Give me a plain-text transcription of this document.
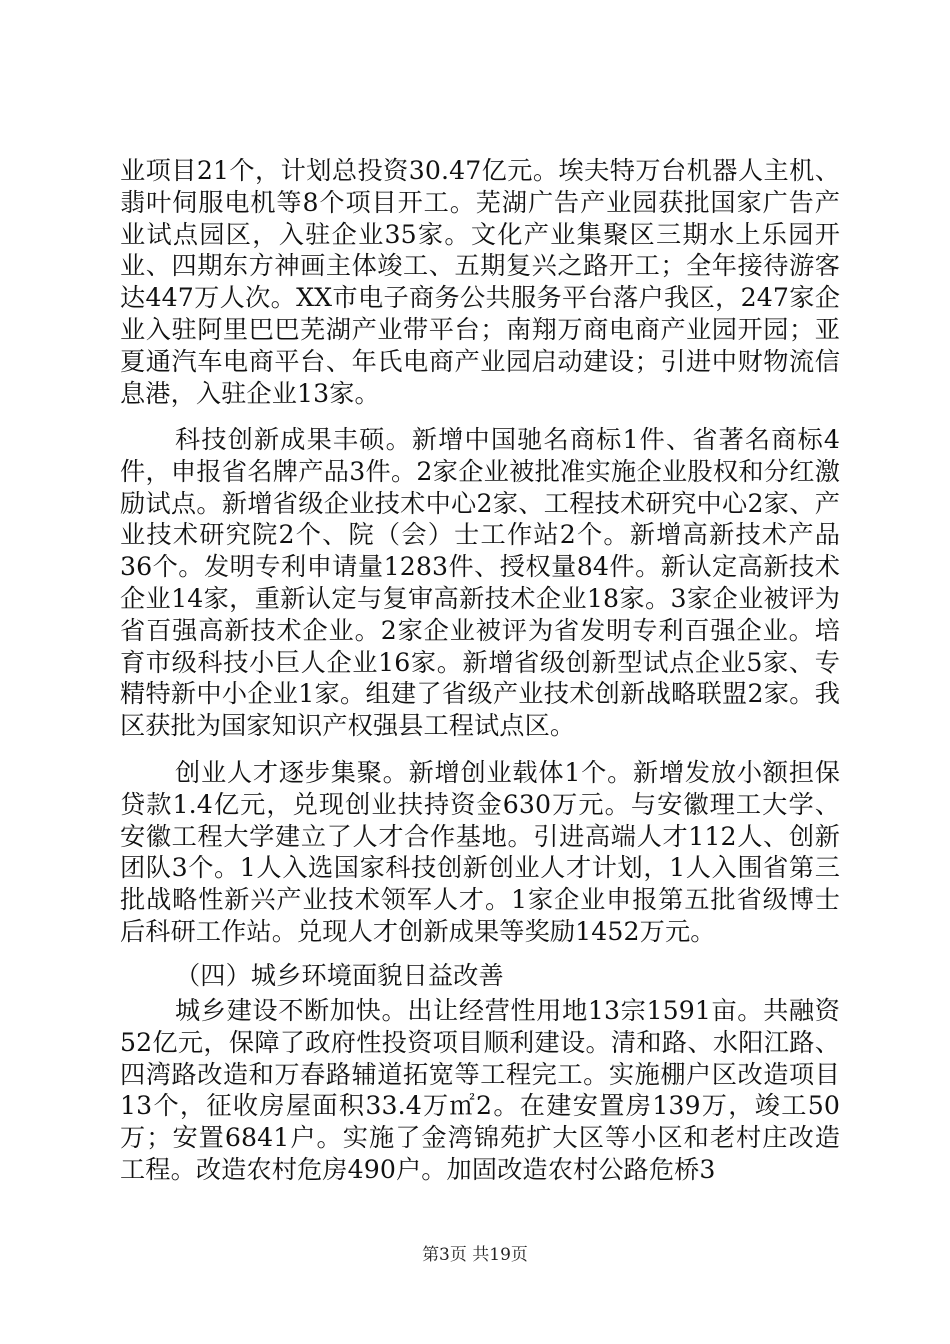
业项目21个，计划总投资30.47亿元。埃夫特万台机器人主机、翡叶伺服电机等8个项目开工。芜湖广告产业园获批国家广告产业试点园区，入驻企业35家。文化产业集聚区三期水上乐园开业、四期东方神画主体竣工、五期复兴之路开工；全年接待游客达447万人次。XX市电子商务公共服务平台落户我区，247家企业入驻阿里巴巴芜湖产业带平台；南翔万商电商产业园开园；亚夏通汽车电商平台、年氏电商产业园启动建设；引进中财物流信息港，入驻企业13家。

科技创新成果丰硕。新增中国驰名商标1件、省著名商标4件，申报省名牌产品3件。2家企业被批准实施企业股权和分红激励试点。新增省级企业技术中心2家、工程技术研究中心2家、产业技术研究院2个、院（会）士工作站2个。新增高新技术产品36个。发明专利申请量1283件、授权量84件。新认定高新技术企业14家，重新认定与复审高新技术企业18家。3家企业被评为省百强高新技术企业。2家企业被评为省发明专利百强企业。培育市级科技小巨人企业16家。新增省级创新型试点企业5家、专精特新中小企业1家。组建了省级产业技术创新战略联盟2家。我区获批为国家知识产权强县工程试点区。

创业人才逐步集聚。新增创业载体1个。新增发放小额担保贷款1.4亿元，兑现创业扶持资金630万元。与安徽理工大学、安徽工程大学建立了人才合作基地。引进高端人才112人、创新团队3个。1人入选国家科技创新创业人才计划，1人入围省第三批战略性新兴产业技术领军人才。1家企业申报第五批省级博士后科研工作站。兑现人才创新成果等奖励1452万元。

（四）城乡环境面貌日益改善

城乡建设不断加快。出让经营性用地13宗1591亩。共融资52亿元，保障了政府性投资项目顺利建设。清和路、水阳江路、四湾路改造和万春路辅道拓宽等工程完工。实施棚户区改造项目13个，征收房屋面积33.4万㎡2。在建安置房139万，竣工50万；安置6841户。实施了金湾锦苑扩大区等小区和老村庄改造工程。改造农村危房490户。加固改造农村公路危桥3

第3页 共19页
